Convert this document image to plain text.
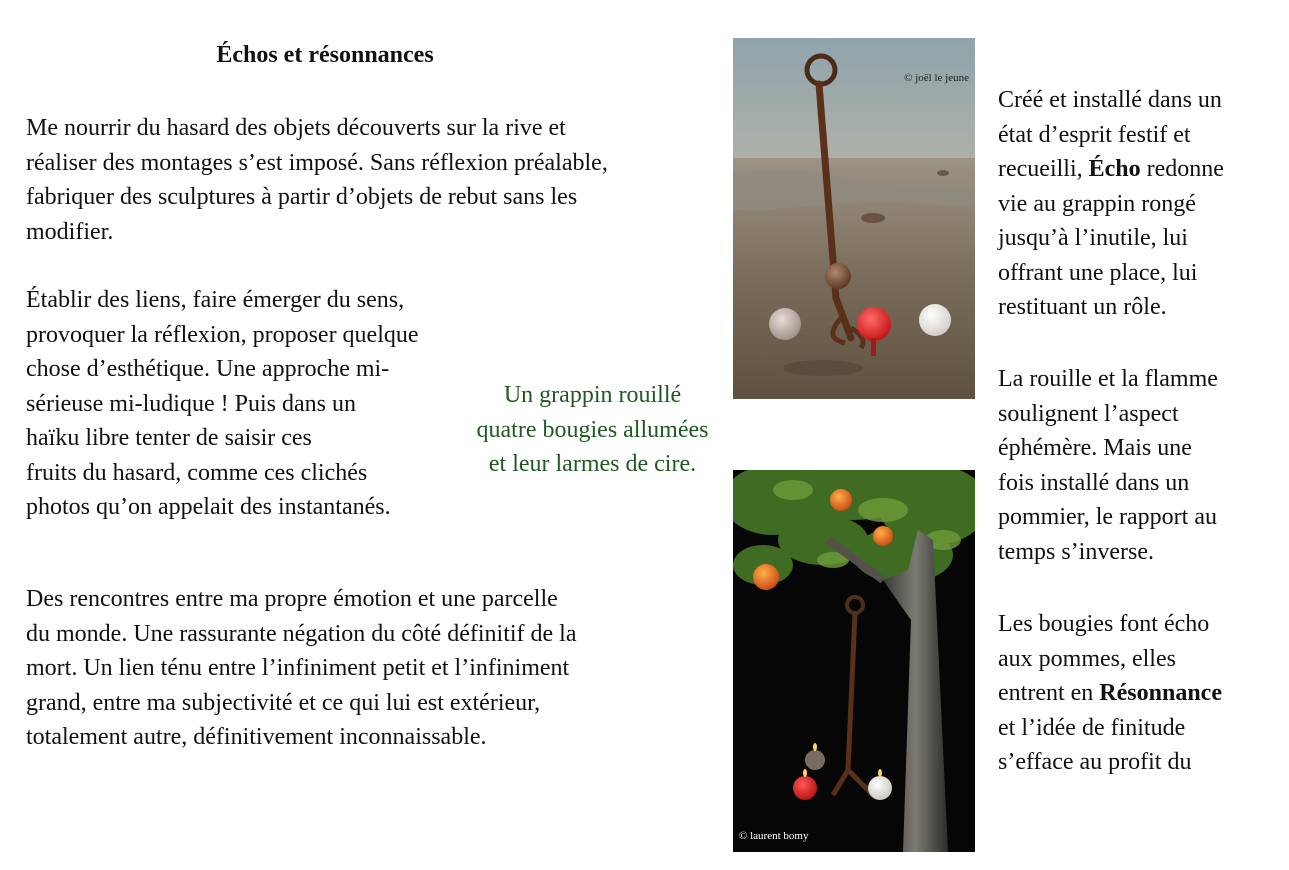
Échos et résonnances

Me nourrir du hasard des objets découverts sur la rive et
réaliser des montages s’est imposé. Sans réflexion préalable,
fabriquer des sculptures à partir d’objets de rebut sans les
modifier.

Établir des liens, faire émerger du sens,
provoquer la réflexion, proposer quelque
chose d’esthétique. Une approche mi-
sérieuse mi-ludique ! Puis dans un
haïku libre tenter de saisir ces
fruits du hasard, comme ces clichés
photos qu’on appelait des instantanés.

Des rencontres entre ma propre émotion et une parcelle
du monde. Une rassurante négation du côté définitif de la
mort. Un lien ténu entre l’infiniment petit et l’infiniment
grand, entre ma subjectivité et ce qui lui est extérieur,
totalement autre, définitivement inconnaissable.

Un grappin rouillé
quatre bougies allumées
et leur larmes de cire.
© joël le jeune
© laurent bomy
Créé et installé dans un
état d’esprit festif et
recueilli, Écho redonne
vie au grappin rongé
jusqu’à l’inutile, lui
offrant une place, lui
restituant un rôle.
La rouille et la flamme
soulignent l’aspect
éphémère. Mais une
fois installé dans un
pommier, le rapport au
temps s’inverse.
Les bougies font écho
aux pommes, elles
entrent en Résonnance
et l’idée de finitude
s’efface au profit du
